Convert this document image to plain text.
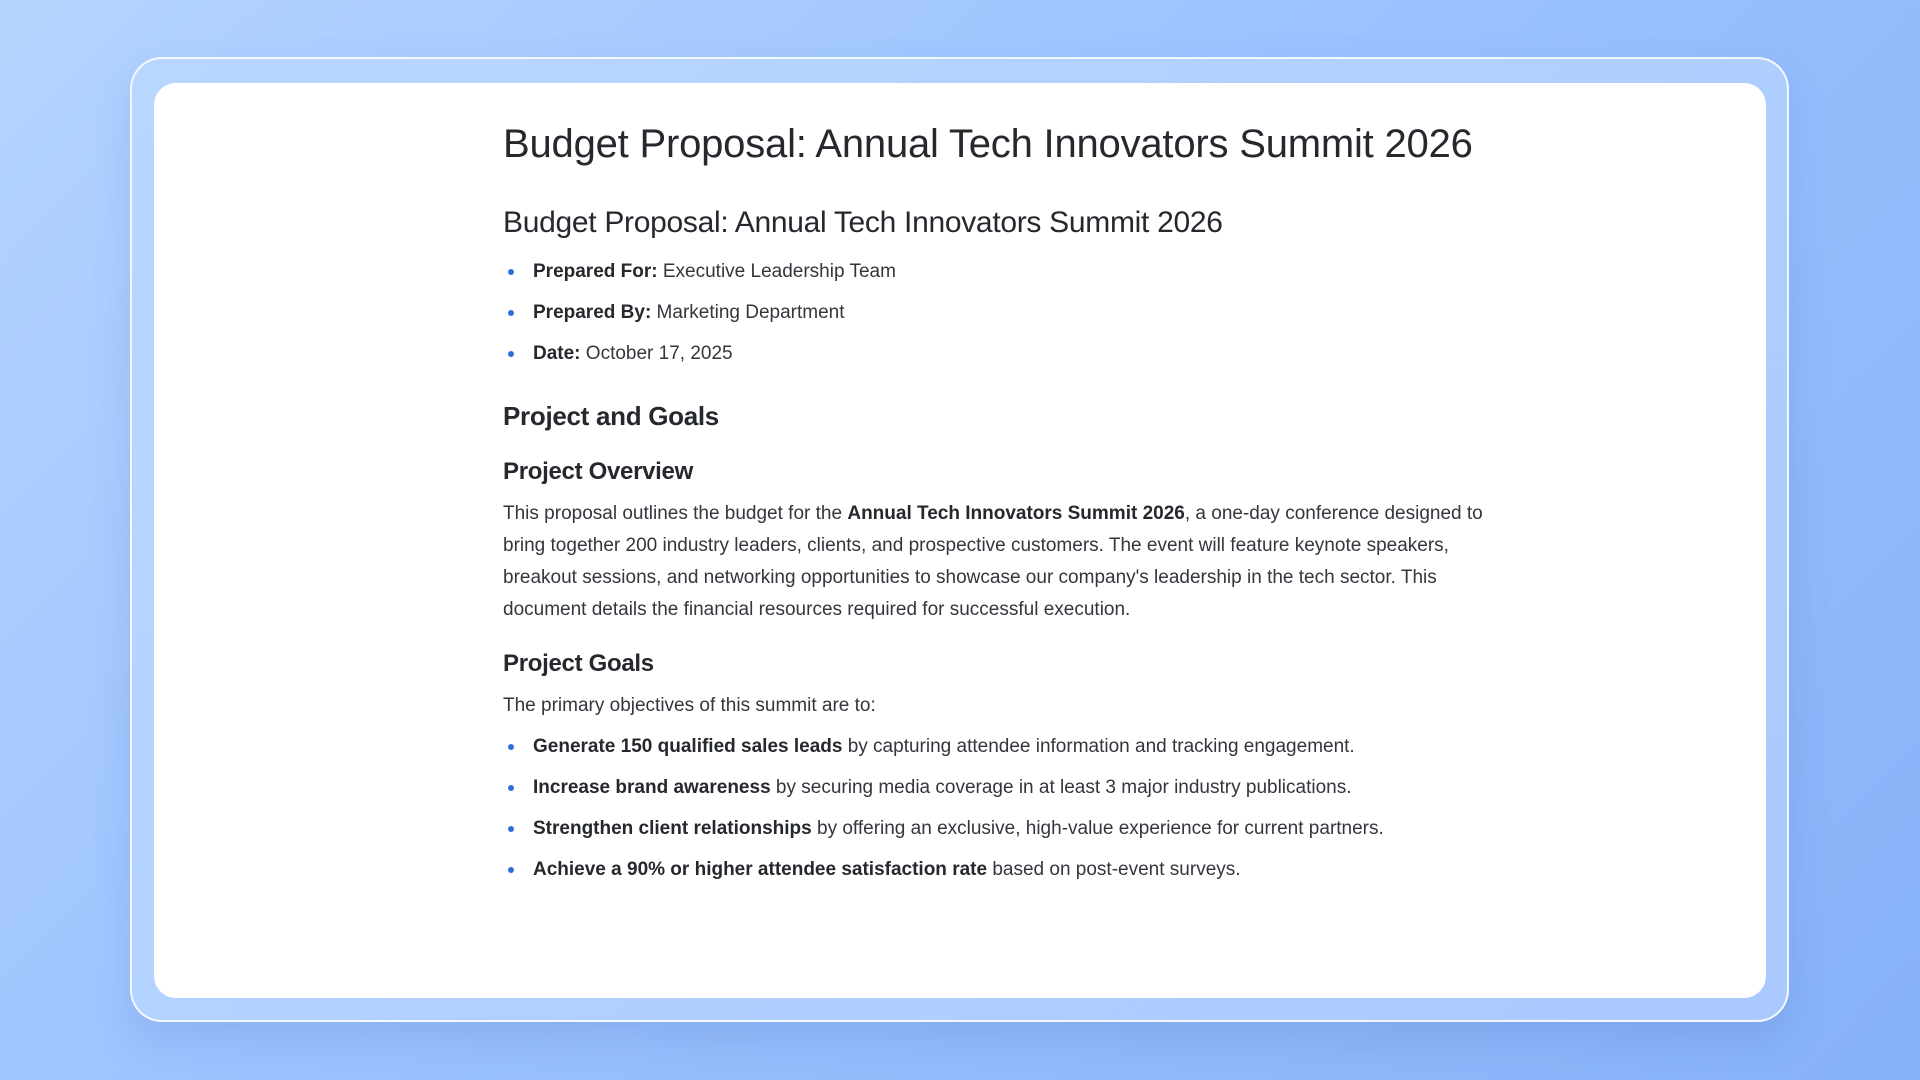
Budget Proposal: Annual Tech Innovators Summit 2026
Budget Proposal: Annual Tech Innovators Summit 2026
Prepared For: Executive Leadership Team
Prepared By: Marketing Department
Date: October 17, 2025
Project and Goals
Project Overview

This proposal outlines the budget for the Annual Tech Innovators Summit 2026, a one-day conference designed to bring together 200 industry leaders, clients, and prospective customers. The event will feature keynote speakers, breakout sessions, and networking opportunities to showcase our company's leadership in the tech sector. This document details the financial resources required for successful execution.

Project Goals

The primary objectives of this summit are to:

Generate 150 qualified sales leads by capturing attendee information and tracking engagement.
Increase brand awareness by securing media coverage in at least 3 major industry publications.
Strengthen client relationships by offering an exclusive, high-value experience for current partners.
Achieve a 90% or higher attendee satisfaction rate based on post-event surveys.
